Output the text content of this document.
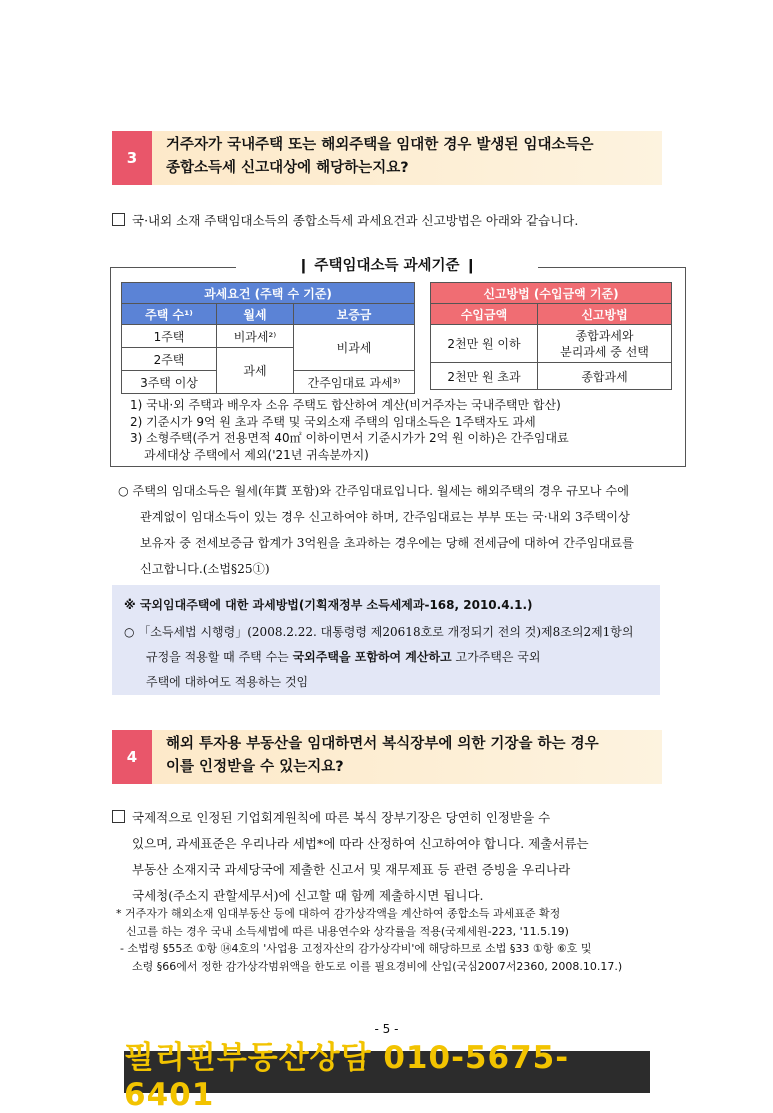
3
거주자가 국내주택 또는 해외주택을 임대한 경우 발생된 임대소득은
종합소득세 신고대상에 해당하는지요?
국·내외 소재 주택임대소득의 종합소득세 과세요건과 신고방법은 아래와 같습니다.
❙ 주택임대소득 과세기준 ❙
과세요건 (주택 수 기준)		
주택 수¹⁾	월세	보증금
1주택	비과세²⁾	비과세
2주택	과세	
3주택 이상		간주임대료 과세³⁾
신고방법 (수입금액 기준)	
수입금액	신고방법
2천만 원 이하	종합과세와
분리과세 중 선택

2천만 원 초과	종합과세
1) 국내·외 주택과 배우자 소유 주택도 합산하여 계산(비거주자는 국내주택만 합산)
2) 기준시가 9억 원 초과 주택 및 국외소재 주택의 임대소득은 1주택자도 과세
3) 소형주택(주거 전용면적 40㎡ 이하이면서 기준시가가 2억 원 이하)은 간주임대료
과세대상 주택에서 제외('21년 귀속분까지)
○ 주택의 임대소득은 월세(年貰 포함)와 간주임대료입니다. 월세는 해외주택의 경우 규모나 수에
관계없이 임대소득이 있는 경우 신고하여야 하며, 간주임대료는 부부 또는 국·내외 3주택이상
보유자 중 전세보증금 합계가 3억원을 초과하는 경우에는 당해 전세금에 대하여 간주임대료를
신고합니다.(소법§25①)
※ 국외임대주택에 대한 과세방법(기획재정부 소득세제과-168, 2010.4.1.)
○ 「소득세법 시행령」(2008.2.22. 대통령령 제20618호로 개정되기 전의 것)제8조의2제1항의
규정을 적용할 때 주택 수는 국외주택을 포함하여 계산하고 고가주택은 국외
주택에 대하여도 적용하는 것임
4
해외 투자용 부동산을 임대하면서 복식장부에 의한 기장을 하는 경우
이를 인정받을 수 있는지요?
국제적으로 인정된 기업회계원칙에 따른 복식 장부기장은 당연히 인정받을 수
있으며, 과세표준은 우리나라 세법*에 따라 산정하여 신고하여야 합니다. 제출서류는
부동산 소재지국 과세당국에 제출한 신고서 및 재무제표 등 관련 증빙을 우리나라
국세청(주소지 관할세무서)에 신고할 때 함께 제출하시면 됩니다.
* 거주자가 해외소재 임대부동산 등에 대하여 감가상각액을 계산하여 종합소득 과세표준 확정
신고를 하는 경우 국내 소득세법에 따른 내용연수와 상각률을 적용(국제세원-223, '11.5.19)
- 소법령 §55조 ①항 ⑭4호의 '사업용 고정자산의 감가상각비'에 해당하므로 소법 §33 ①항 ⑥호 및
소령 §66에서 정한 감가상각범위액을 한도로 이를 필요경비에 산입(국심2007서2360, 2008.10.17.)
- 5 -
필리핀부동산상담 010-5675-6401
